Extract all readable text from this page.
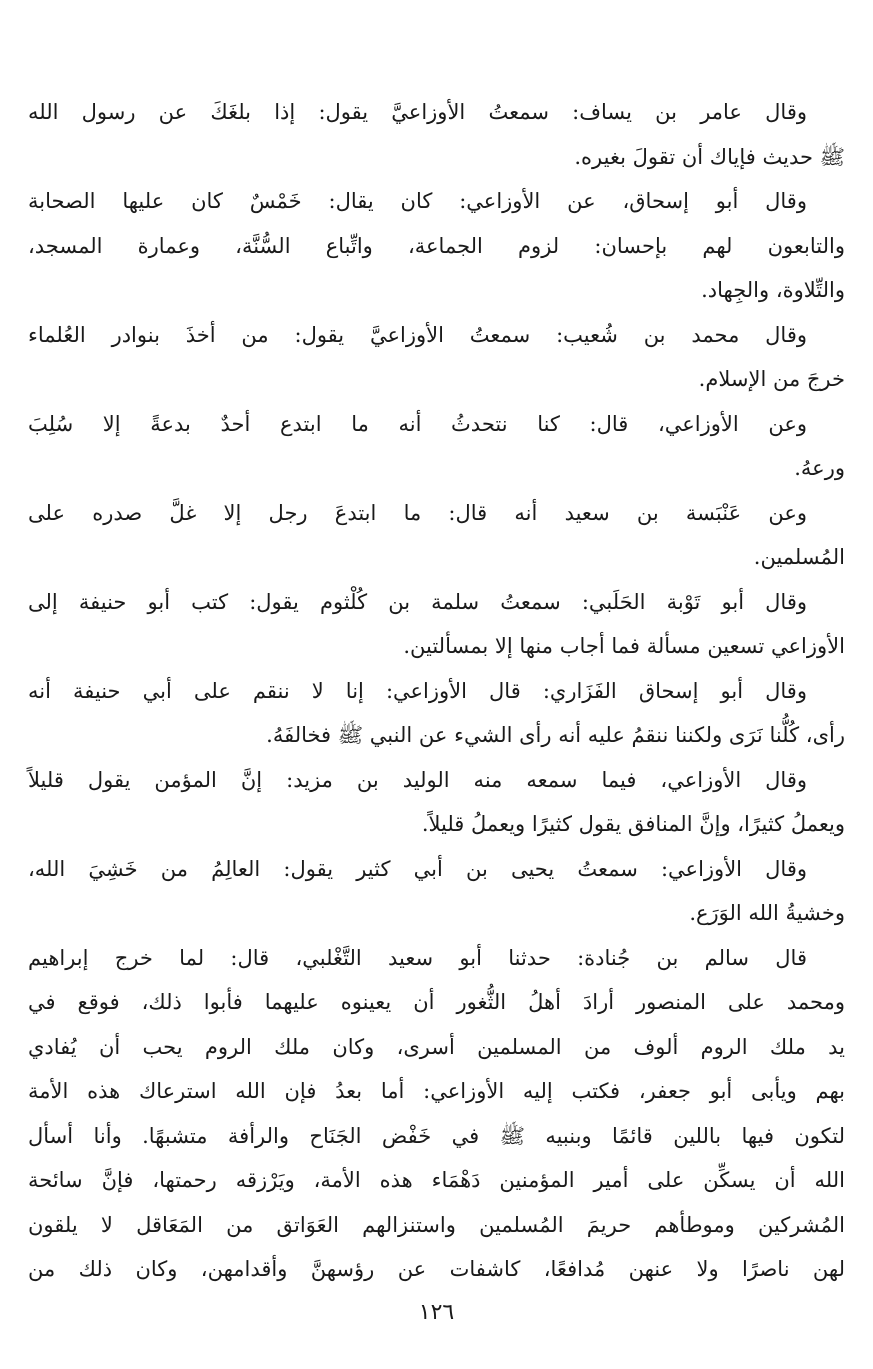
وقال عامر بن يساف: سمعتُ الأوزاعيَّ يقول: إذا بلغَكَ عن رسول الله
ﷺ حديث فإياك أن تقولَ بغيره.
وقال أبو إسحاق، عن الأوزاعي: كان يقال: خَمْسٌ كان عليها الصحابة
والتابعون لهم بإحسان: لزوم الجماعة، واتِّباع السُّنَّة، وعمارة المسجد،
والتِّلاوة، والجِهاد.
وقال محمد بن شُعيب: سمعتُ الأوزاعيَّ يقول: من أخذَ بنوادر العُلماء
خرجَ من الإسلام.
وعن الأوزاعي، قال: كنا نتحدثُ أنه ما ابتدع أحدٌ بدعةً إلا سُلِبَ
ورعهُ.
وعن عَنْبَسة بن سعيد أنه قال: ما ابتدعَ رجل إلا غلَّ صدره على
المُسلمين.
وقال أبو تَوْبة الحَلَبي: سمعتُ سلمة بن كُلْثوم يقول: كتب أبو حنيفة إلى
الأوزاعي تسعين مسألة فما أجاب منها إلا بمسألتين.
وقال أبو إسحاق الفَزَاري: قال الأوزاعي: إنا لا ننقم على أبي حنيفة أنه
رأى، كُلُّنا نَرَى ولكننا ننقمُ عليه أنه رأى الشيء عن النبي ﷺ فخالفَهُ.
وقال الأوزاعي، فيما سمعه منه الوليد بن مزيد: إنَّ المؤمن يقول قليلاً
ويعملُ كثيرًا، وإنَّ المنافق يقول كثيرًا ويعملُ قليلاً.
وقال الأوزاعي: سمعتُ يحيى بن أبي كثير يقول: العالِمُ من خَشِيَ الله،
وخشيةُ الله الوَرَع.
قال سالم بن جُنادة: حدثنا أبو سعيد التَّغْلبي، قال: لما خرج إبراهيم
ومحمد على المنصور أرادَ أهلُ الثُّغور أن يعينوه عليهما فأبوا ذلك، فوقع في
يد ملك الروم ألوف من المسلمين أسرى، وكان ملك الروم يحب أن يُفادي
بهم ويأبى أبو جعفر، فكتب إليه الأوزاعي: أما بعدُ فإن الله استرعاك هذه الأمة
لتكون فيها باللين قائمًا وبنبيه ﷺ في خَفْض الجَنَاح والرأفة متشبهًا. وأنا أسأل
الله أن يسكِّن على أمير المؤمنين دَهْمَاء هذه الأمة، ويَرْزقه رحمتها، فإنَّ سائحة
المُشركين وموطأهم حريمَ المُسلمين واستنزالهم العَوَاتق من المَعَاقل لا يلقون
لهن ناصرًا ولا عنهن مُدافعًا، كاشفات عن رؤسهنَّ وأقدامهن، وكان ذلك من
١٢٦
